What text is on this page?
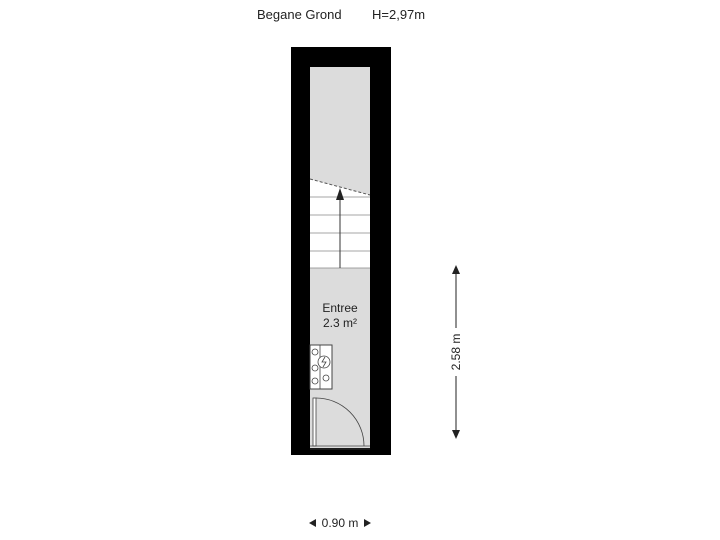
Begane Grond H=2,97m
Entree
2.3 m²
2.58 m
0.90 m
